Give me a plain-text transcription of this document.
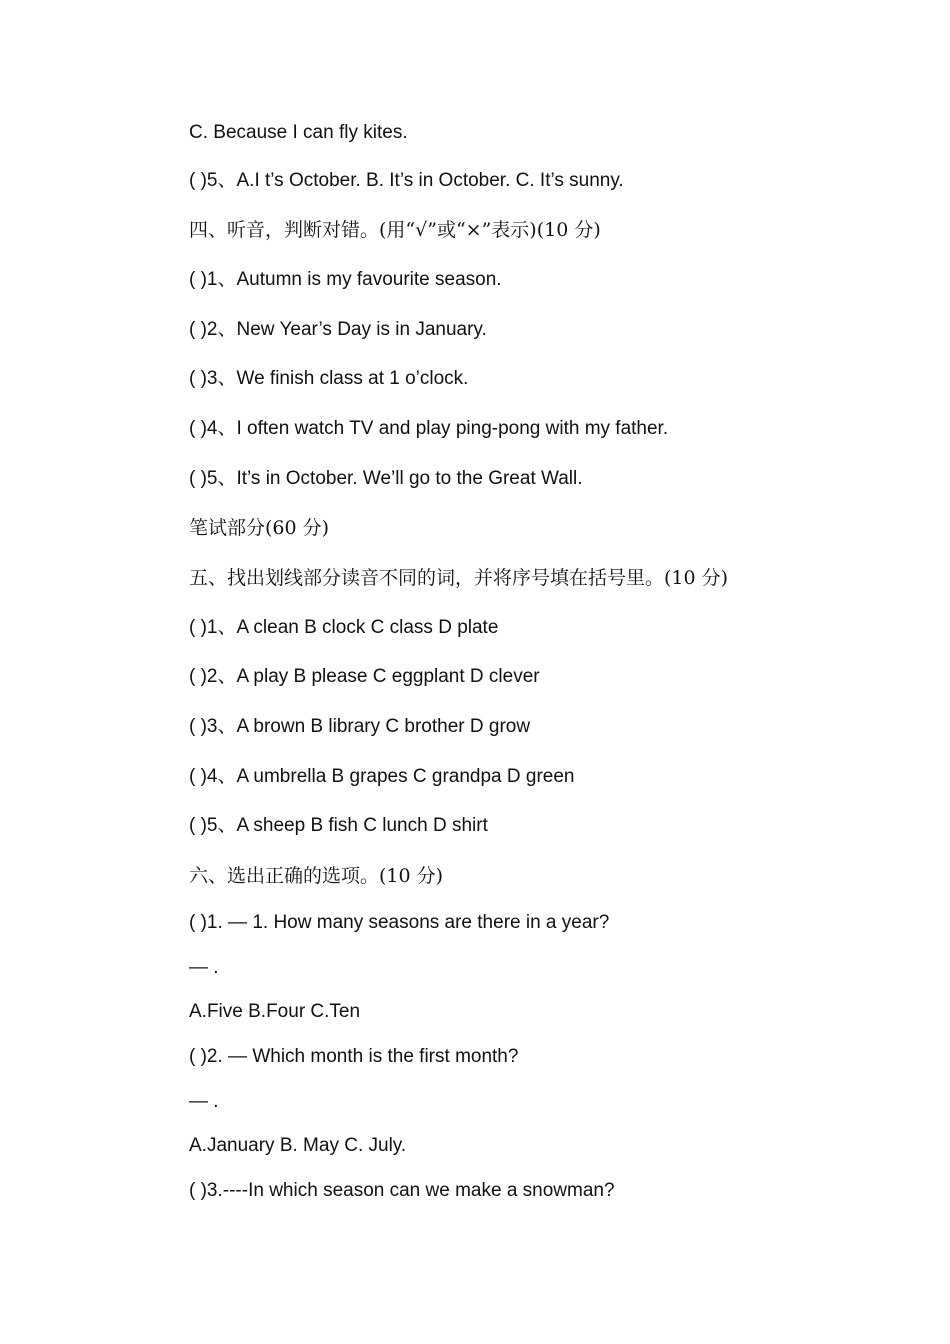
C. Because I can fly kites.
( )5、A.I t’s October. B. It’s in October. C. It’s sunny.
四、听音，判断对错。(用“√”或“×”表示)(10 分)
( )1、Autumn is my favourite season.
( )2、New Year’s Day is in January.
( )3、We finish class at 1 o’clock.
( )4、I often watch TV and play ping-pong with my father.
( )5、It’s in October. We’ll go to the Great Wall.
笔试部分(60 分)
五、找出划线部分读音不同的词，并将序号填在括号里。(10 分)
( )1、A clean B clock C class D plate
( )2、A play B please C eggplant D clever
( )3、A brown B library C brother D grow
( )4、A umbrella B grapes C grandpa D green
( )5、A sheep B fish C lunch D shirt
六、选出正确的选项。(10 分)
( )1. — 1. How many seasons are there in a year?
— .
A.Five B.Four C.Ten
( )2. — Which month is the first month?
— .
A.January B. May C. July.
( )3.----In which season can we make a snowman?
